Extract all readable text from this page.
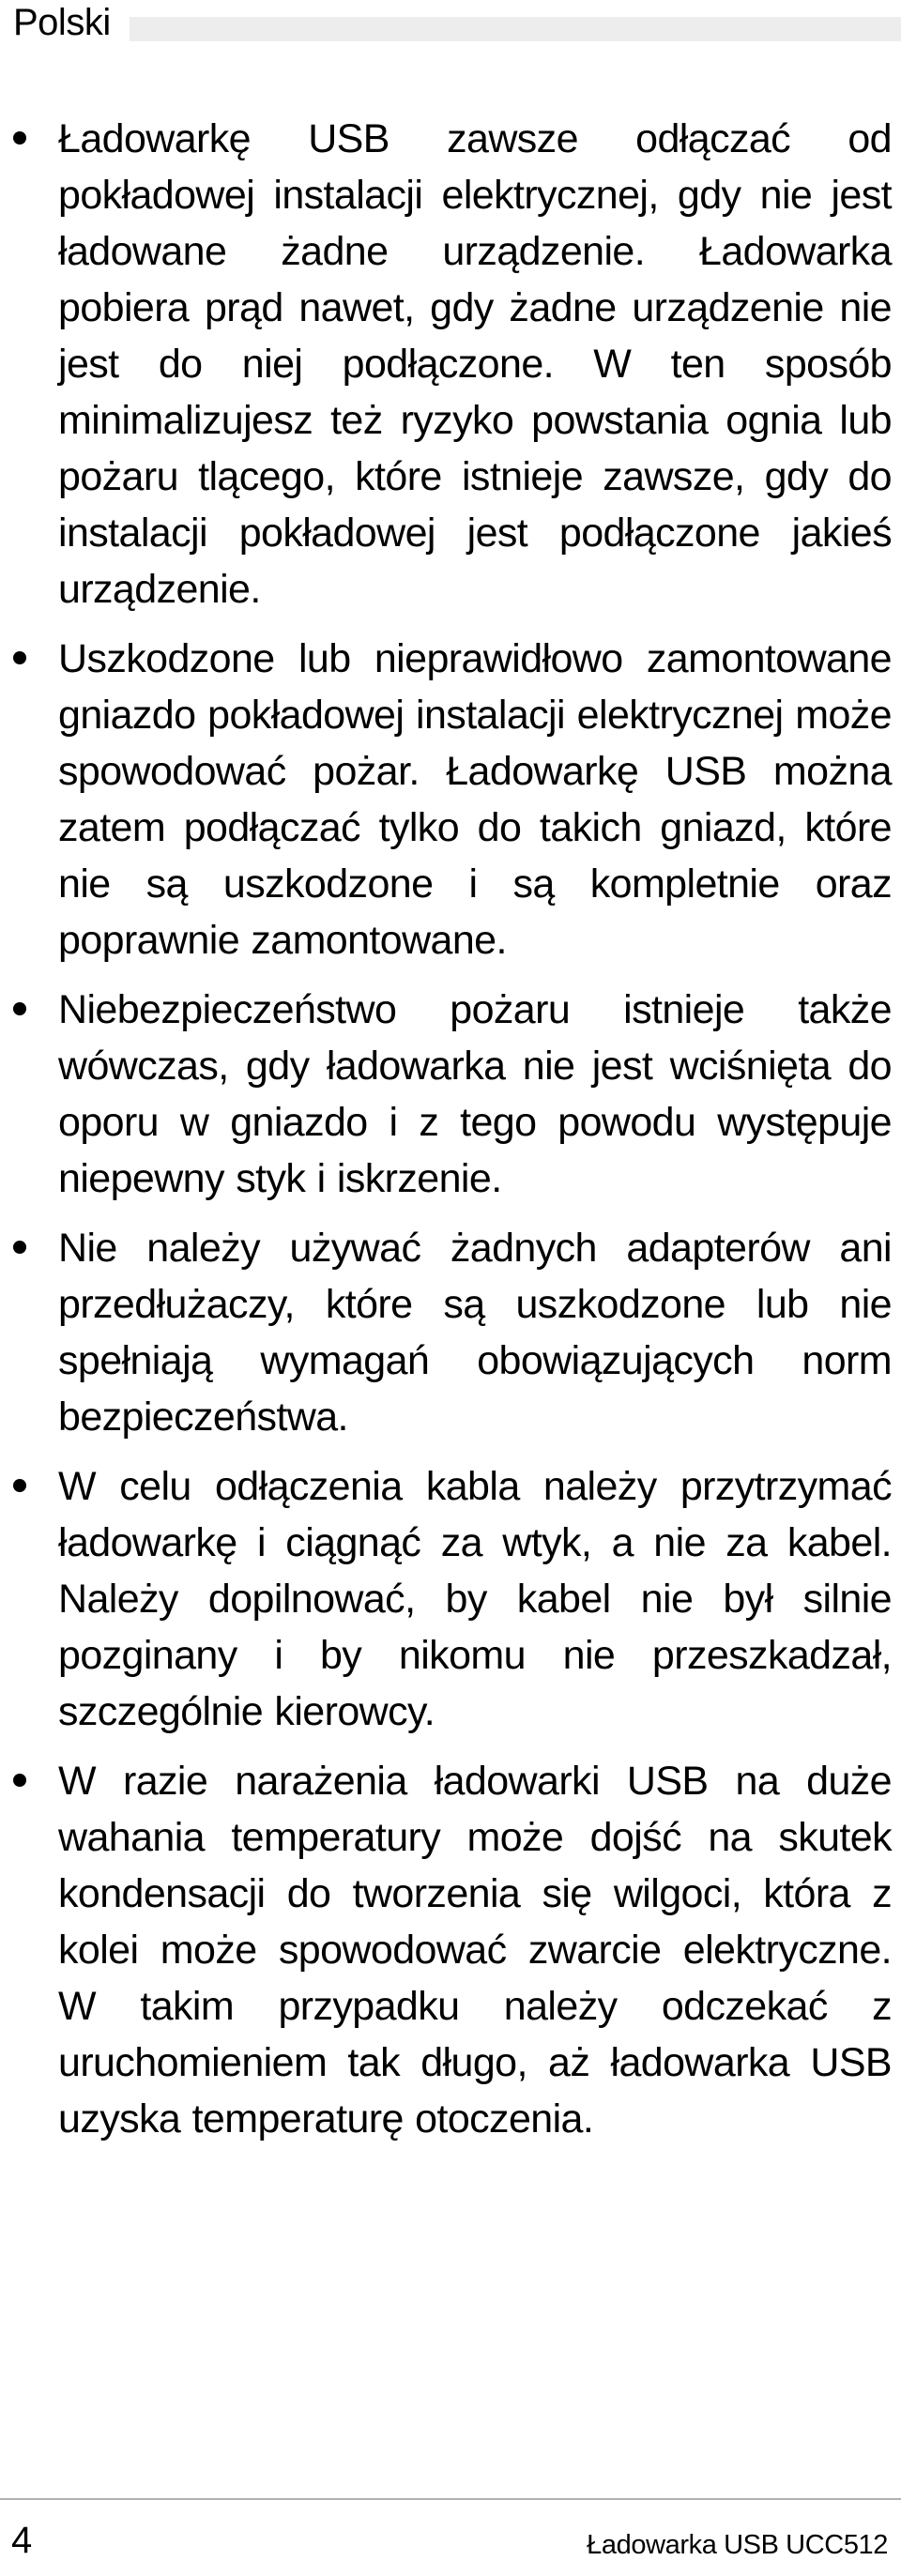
Polski
Ładowarkę USB zawsze odłączać od pokładowej instalacji elektrycznej, gdy nie jest ładowane żadne urządzenie. Ładowarka pobiera prąd nawet, gdy żadne urządzenie nie jest do niej podłączone. W ten sposób minimalizujesz też ryzyko powstania ognia lub pożaru tlącego, które istnieje zawsze, gdy do instalacji pokładowej jest podłączone jakieś urządzenie.
Uszkodzone lub nieprawidłowo zamontowane gniazdo pokładowej instalacji elektrycznej może spowodować pożar. Ładowarkę USB można zatem podłączać tylko do takich gniazd, które nie są uszkodzone i są kompletnie oraz poprawnie zamontowane.
Niebezpieczeństwo pożaru istnieje także wówczas, gdy ładowarka nie jest wciśnięta do oporu w gniazdo i z tego powodu występuje niepewny styk i iskrzenie.
Nie należy używać żadnych adapterów ani przedłużaczy, które są uszkodzone lub nie spełniają wymagań obowiązujących norm bezpieczeństwa.
W celu odłączenia kabla należy przytrzymać ładowarkę i ciągnąć za wtyk, a nie za kabel. Należy dopilnować, by kabel nie był silnie pozginany i by nikomu nie przeszkadzał, szczególnie kierowcy.
W razie narażenia ładowarki USB na duże wahania temperatury może dojść na skutek kondensacji do tworzenia się wilgoci, która z kolei może spowodować zwarcie elektryczne. W takim przypadku należy odczekać z uruchomieniem tak długo, aż ładowarka USB uzyska temperaturę otoczenia.
4	Ładowarka USB UCC512
